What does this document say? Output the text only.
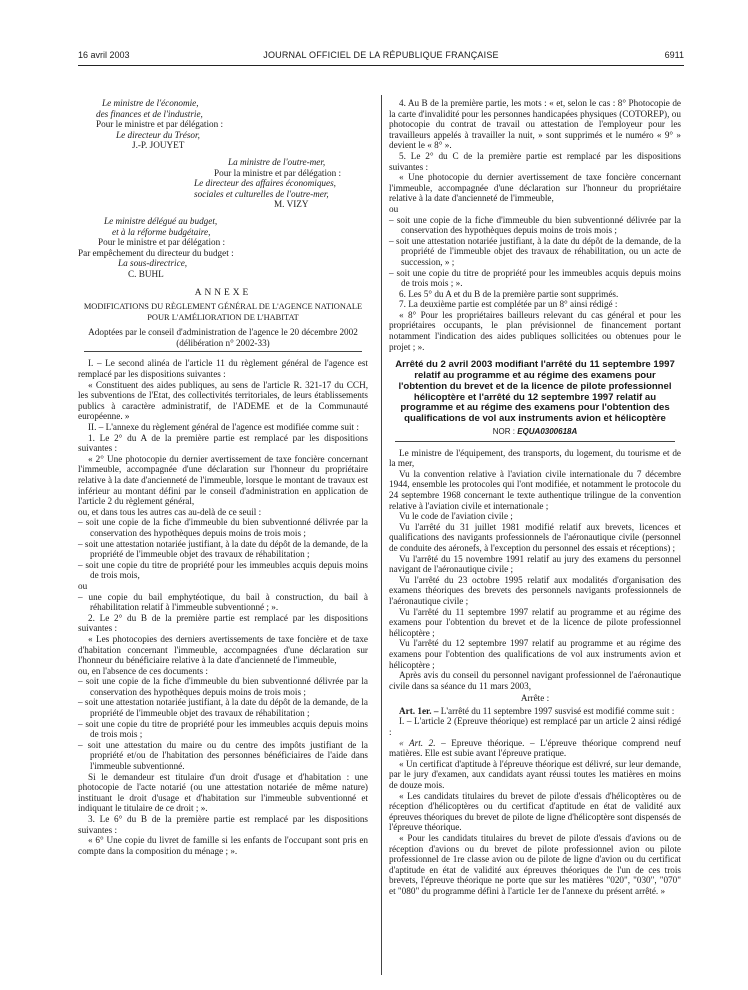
16 avril 2003	JOURNAL OFFICIEL DE LA RÉPUBLIQUE FRANÇAISE	6911

Le ministre de l'économie,

des finances et de l'industrie,

Pour le ministre et par délégation :

Le directeur du Trésor,

J.-P. JOUYET

La ministre de l'outre-mer,

Pour la ministre et par délégation :

Le directeur des affaires économiques,

sociales et culturelles de l'outre-mer,

M. VIZY

Le ministre délégué au budget,

et à la réforme budgétaire,

Pour le ministre et par délégation :

Par empêchement du directeur du budget :

La sous-directrice,

C. BUHL

ANNEXE

MODIFICATIONS DU RÈGLEMENT GÉNÉRAL DE L'AGENCE NATIONALE POUR L'AMÉLIORATION DE L'HABITAT

Adoptées par le conseil d'administration de l'agence le 20 décembre 2002 (délibération n° 2002-33)

I. – Le second alinéa de l'article 11 du règlement général de l'agence est remplacé par les dispositions suivantes :

« Constituent des aides publiques, au sens de l'article R. 321-17 du CCH, les subventions de l'Etat, des collectivités territoriales, de leurs établissements publics à caractère administratif, de l'ADEME et de la Communauté européenne. »

II. – L'annexe du règlement général de l'agence est modifiée comme suit :

1. Le 2° du A de la première partie est remplacé par les dispositions suivantes :

« 2° Une photocopie du dernier avertissement de taxe foncière concernant l'immeuble, accompagnée d'une déclaration sur l'honneur du propriétaire relative à la date d'ancienneté de l'immeuble, lorsque le montant de travaux est inférieur au montant défini par le conseil d'administration en application de l'article 2 du règlement général,

ou, et dans tous les autres cas au-delà de ce seuil :

– soit une copie de la fiche d'immeuble du bien subventionné délivrée par la conservation des hypothèques depuis moins de trois mois ;

– soit une attestation notariée justifiant, à la date du dépôt de la demande, de la propriété de l'immeuble objet des travaux de réhabilitation ;

– soit une copie du titre de propriété pour les immeubles acquis depuis moins de trois mois,

ou

– une copie du bail emphytéotique, du bail à construction, du bail à réhabilitation relatif à l'immeuble subventionné ; ».

2. Le 2° du B de la première partie est remplacé par les dispositions suivantes :

« Les photocopies des derniers avertissements de taxe foncière et de taxe d'habitation concernant l'immeuble, accompagnées d'une déclaration sur l'honneur du bénéficiaire relative à la date d'ancienneté de l'immeuble,

ou, en l'absence de ces documents :

– soit une copie de la fiche d'immeuble du bien subventionné délivrée par la conservation des hypothèques depuis moins de trois mois ;

– soit une attestation notariée justifiant, à la date du dépôt de la demande, de la propriété de l'immeuble objet des travaux de réhabilitation ;

– soit une copie du titre de propriété pour les immeubles acquis depuis moins de trois mois ;

– soit une attestation du maire ou du centre des impôts justifiant de la propriété et/ou de l'habitation des personnes bénéficiaires de l'aide dans l'immeuble subventionné.

Si le demandeur est titulaire d'un droit d'usage et d'habitation : une photocopie de l'acte notarié (ou une attestation notariée de même nature) instituant le droit d'usage et d'habitation sur l'immeuble subventionné et indiquant le titulaire de ce droit ; ».

3. Le 6° du B de la première partie est remplacé par les dispositions suivantes :

« 6° Une copie du livret de famille si les enfants de l'occupant sont pris en compte dans la composition du ménage ; ».

4. Au B de la première partie, les mots : « et, selon le cas : 8° Photocopie de la carte d'invalidité pour les personnes handicapées physiques (COTOREP), ou photocopie du contrat de travail ou attestation de l'employeur pour les travailleurs appelés à travailler la nuit, » sont supprimés et le numéro « 9° » devient le « 8° ».

5. Le 2° du C de la première partie est remplacé par les dispositions suivantes :

« Une photocopie du dernier avertissement de taxe foncière concernant l'immeuble, accompagnée d'une déclaration sur l'honneur du propriétaire relative à la date d'ancienneté de l'immeuble,

ou

– soit une copie de la fiche d'immeuble du bien subventionné délivrée par la conservation des hypothèques depuis moins de trois mois ;

– soit une attestation notariée justifiant, à la date du dépôt de la demande, de la propriété de l'immeuble objet des travaux de réhabilitation, ou un acte de succession, » ;

– soit une copie du titre de propriété pour les immeubles acquis depuis moins de trois mois ; ».

6. Les 5° du A et du B de la première partie sont supprimés.

7. La deuxième partie est complétée par un 8° ainsi rédigé :

« 8° Pour les propriétaires bailleurs relevant du cas général et pour les propriétaires occupants, le plan prévisionnel de financement portant notamment l'indication des aides publiques sollicitées ou obtenues pour le projet ; ».

Arrêté du 2 avril 2003 modifiant l'arrêté du 11 septembre 1997 relatif au programme et au régime des examens pour l'obtention du brevet et de la licence de pilote professionnel hélicoptère et l'arrêté du 12 septembre 1997 relatif au programme et au régime des examens pour l'obtention des qualifications de vol aux instruments avion et hélicoptère

NOR : EQUA0300618A

Le ministre de l'équipement, des transports, du logement, du tourisme et de la mer,

Vu la convention relative à l'aviation civile internationale du 7 décembre 1944, ensemble les protocoles qui l'ont modifiée, et notamment le protocole du 24 septembre 1968 concernant le texte authentique trilingue de la convention relative à l'aviation civile et internationale ;

Vu le code de l'aviation civile ;

Vu l'arrêté du 31 juillet 1981 modifié relatif aux brevets, licences et qualifications des navigants professionnels de l'aéronautique civile (personnel de conduite des aéronefs, à l'exception du personnel des essais et réceptions) ;

Vu l'arrêté du 15 novembre 1991 relatif au jury des examens du personnel navigant de l'aéronautique civile ;

Vu l'arrêté du 23 octobre 1995 relatif aux modalités d'organisation des examens théoriques des brevets des personnels navigants professionnels de l'aéronautique civile ;

Vu l'arrêté du 11 septembre 1997 relatif au programme et au régime des examens pour l'obtention du brevet et de la licence de pilote professionnel hélicoptère ;

Vu l'arrêté du 12 septembre 1997 relatif au programme et au régime des examens pour l'obtention des qualifications de vol aux instruments avion et hélicoptère ;

Après avis du conseil du personnel navigant professionnel de l'aéronautique civile dans sa séance du 11 mars 2003,

Arrête :

Art. 1er. – L'arrêté du 11 septembre 1997 susvisé est modifié comme suit :

I. – L'article 2 (Epreuve théorique) est remplacé par un article 2 ainsi rédigé :

« Art. 2. – Epreuve théorique. – L'épreuve théorique comprend neuf matières. Elle est subie avant l'épreuve pratique.

« Un certificat d'aptitude à l'épreuve théorique est délivré, sur leur demande, par le jury d'examen, aux candidats ayant réussi toutes les matières en moins de douze mois.

« Les candidats titulaires du brevet de pilote d'essais d'hélicoptères ou de réception d'hélicoptères ou du certificat d'aptitude en état de validité aux épreuves théoriques du brevet de pilote de ligne d'hélicoptère sont dispensés de l'épreuve théorique.

« Pour les candidats titulaires du brevet de pilote d'essais d'avions ou de réception d'avions ou du brevet de pilote professionnel avion ou pilote professionnel de 1re classe avion ou de pilote de ligne d'avion ou du certificat d'aptitude en état de validité aux épreuves théoriques de l'un de ces trois brevets, l'épreuve théorique ne porte que sur les matières "020", "030", "070" et "080" du programme défini à l'article 1er de l'annexe du présent arrêté. »
